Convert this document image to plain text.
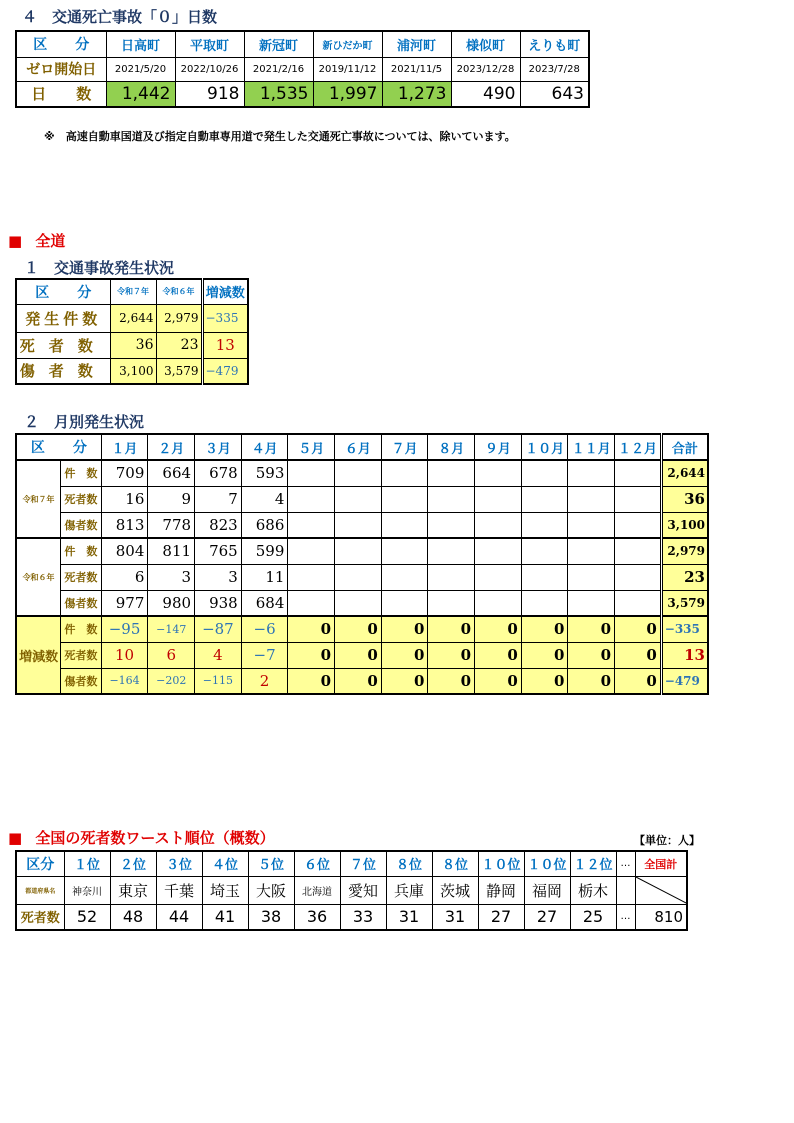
４　交通死亡事故「０」日数
区　　分	日高町	平取町	新冠町	新ひだか町	浦河町	様似町	えりも町
ゼロ開始日	2021/5/20	2022/10/26	2021/2/16	2019/11/12	2021/11/5	2023/12/28	2023/7/28
日　　数	1,442	918	1,535	1,997	1,273	490	643
※　高速自動車国道及び指定自動車専用道で発生した交通死亡事故については、除いています。
■ 全道
１　交通事故発生状況
区　　分	令和７年	令和６年	増減数
発生件数	2,644	2,979	−335
死者数	36	23	13
傷者数	3,100	3,579	−479
２　月別発生状況
区　　分		１月	２月	３月	４月	５月	６月	７月	８月	９月	１０月	１１月	１２月	合計
令和７年	件　数	709	664	678	593									2,644
	死者数	16	9	7	4									36
	傷者数	813	778	823	686									3,100
令和６年	件　数	804	811	765	599									2,979
	死者数	6	3	3	11									23
	傷者数	977	980	938	684									3,579
増減数	件　数	−95	−147	−87	−6	0	0	0	0	0	0	0	0	−335
	死者数	10	6	4	−7	0	0	0	0	0	0	0	0	13
	傷者数	−164	−202	−115	2	0	0	0	0	0	0	0	0	−479
■ 全国の死者数ワースト順位（概数）	【単位：人】
区分	１位	２位	３位	４位	５位	６位	７位	８位	８位	１０位	１０位	１２位	…	全国計
都道府県名	神奈川	東京	千葉	埼玉	大阪	北海道	愛知	兵庫	茨城	静岡	福岡	栃木		

死者数	52	48	44	41	38	36	33	31	31	27	27	25	…	810
